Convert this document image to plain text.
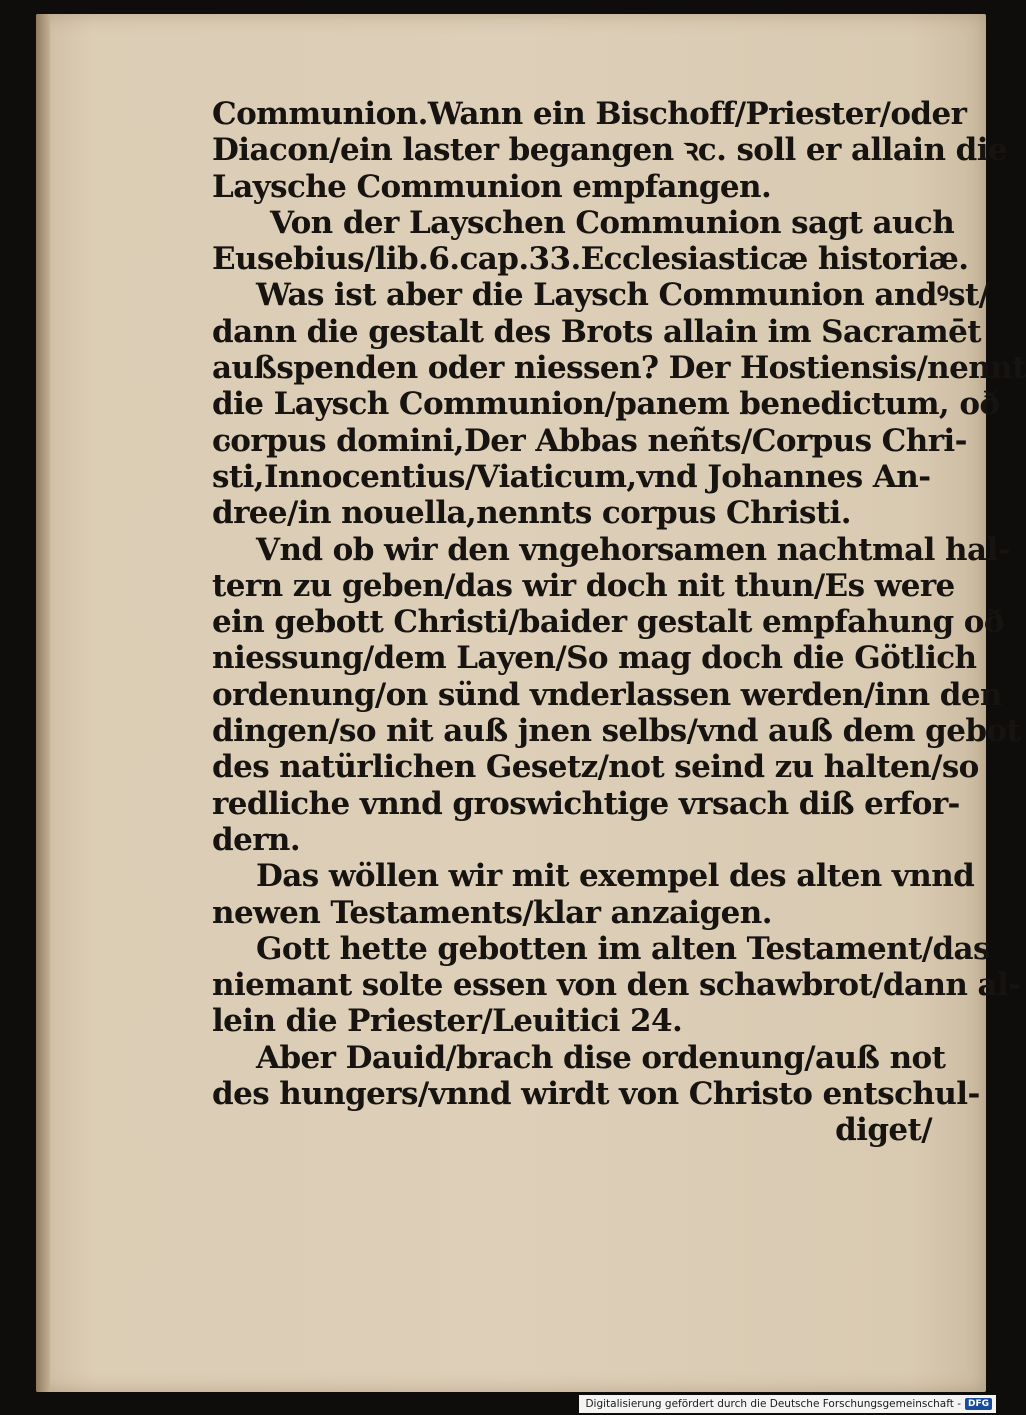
Communion.Wann ein Bischoff/Priester/oder
Diacon/ein laster begangen ꝛc. soll er allain die
Laysche Communion empfangen.
Von der Layschen Communion sagt auch
Eusebius/lib.6.cap.33.Ecclesiasticæ historiæ.
Was ist aber die Laysch Communion andꝰst/
dann die gestalt des Brots allain im Sacramēt
außspenden oder niessen? Der Hostiensis/nennt
die Laysch Communion/panem benedictum, oð
corpus domini,Der Abbas neñts/Corpus Chri-
sti,Innocentius/Viaticum,vnd Johannes An-
dree/in nouella,nennts corpus Christi.
Vnd ob wir den vngehorsamen nachtmal hal-
tern zu geben/das wir doch nit thun/Es were
ein gebott Christi/baider gestalt empfahung oð
niessung/dem Layen/So mag doch die Götlich
ordenung/on sünd vnderlassen werden/inn den
dingen/so nit auß jnen selbs/vnd auß dem gebot
des natürlichen Gesetz/not seind zu halten/so
redliche vnnd groswichtige vrsach diß erfor-
dern.
Das wöllen wir mit exempel des alten vnnd
newen Testaments/klar anzaigen.
Gott hette gebotten im alten Testament/das
niemant solte essen von den schawbrot/dann al-
lein die Priester/Leuitici 24.
Aber Dauid/brach dise ordenung/auß not
des hungers/vnnd wirdt von Christo entschul-
diget/
Digitalisierung gefördert durch die Deutsche Forschungsgemeinschaft - DFG
